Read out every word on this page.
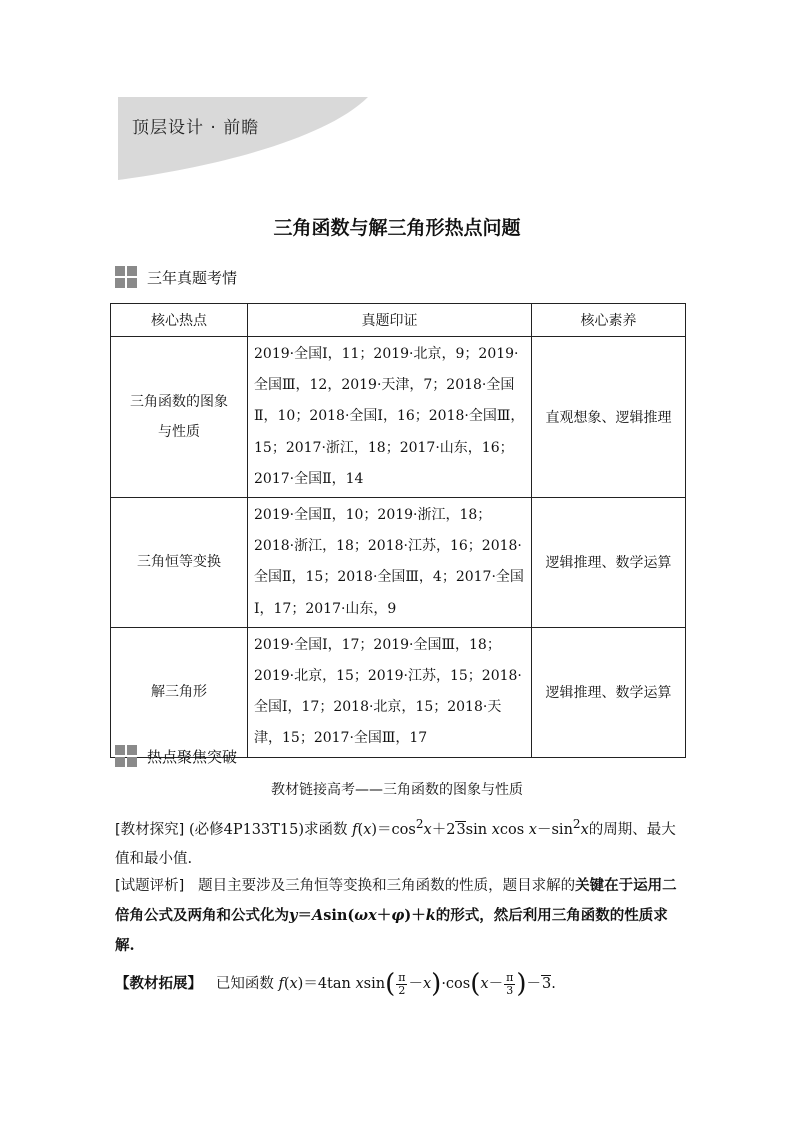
顶层设计 · 前瞻
三角函数与解三角形热点问题
三年真题考情
核心热点	真题印证	核心素养
三角函数的图象与性质	2019·全国Ⅰ，11；2019·北京，9；2019·全国Ⅲ，12，2019·天津，7；2018·全国Ⅱ，10；2018·全国Ⅰ，16；2018·全国Ⅲ，15；2017·浙江，18；2017·山东，16；2017·全国Ⅱ，14	直观想象、逻辑推理
三角恒等变换	2019·全国Ⅱ，10；2019·浙江，18；2018·浙江，18；2018·江苏，16；2018·全国Ⅱ，15；2018·全国Ⅲ，4；2017·全国Ⅰ，17；2017·山东，9	逻辑推理、数学运算
解三角形	2019·全国Ⅰ，17；2019·全国Ⅲ，18；2019·北京，15；2019·江苏，15；2018·全国Ⅰ，17；2018·北京，15；2018·天津，15；2017·全国Ⅲ，17	逻辑推理、数学运算
热点聚焦突破
教材链接高考——三角函数的图象与性质
[教材探究] (必修4P133T15)求函数 $f(x)=\cos^2x+23\sin$ xcos $x-\sin^2x$的周期、最大值和最小值.
[试题评析] 题目主要涉及三角恒等变换和三角函数的性质，题目求解的关键在于运用二倍角公式及两角和公式化为y＝Asin(ωx＋φ)＋k的形式，然后利用三角函数的性质求解.
【教材拓展】 已知函数 f(x)＝4tan $xsin( \frac{\pi}{2} -x)\cdot\cos(x- \frac{\pi}{3} )-3$.
